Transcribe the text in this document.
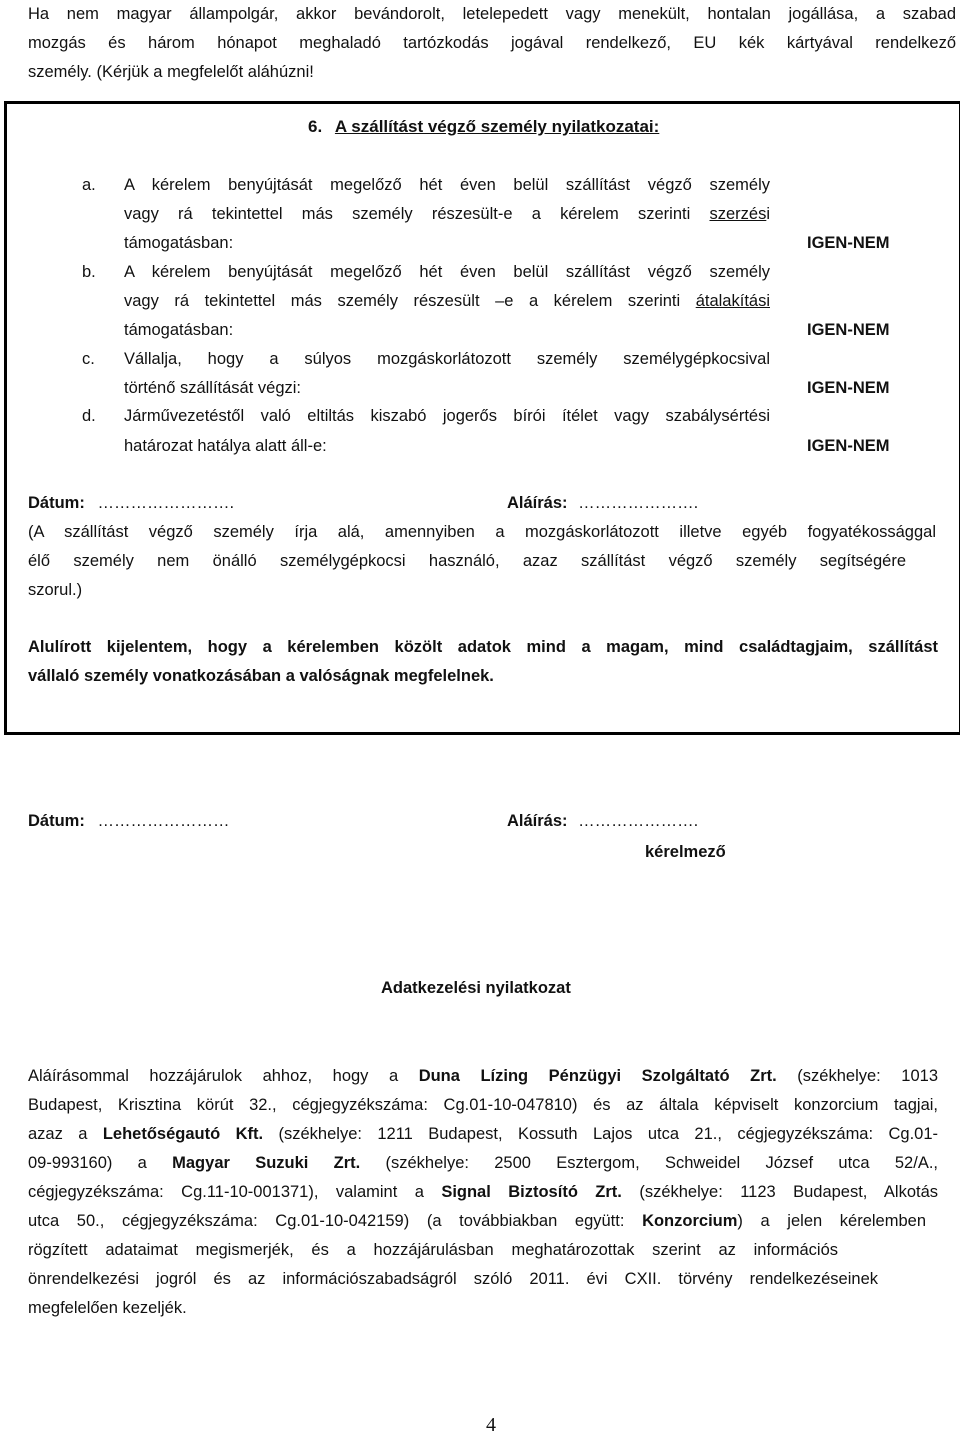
Ha nem magyar állampolgár, akkor bevándorolt, letelepedett vagy menekült, hontalan jogállása, a szabad
mozgás és három hónapot meghaladó tartózkodás jogával rendelkező, EU kék kártyával rendelkező
személy. (Kérjük a megfelelőt aláhúzni!
6. A szállítást végző személy nyilatkozatai:
a. A kérelem benyújtását megelőző hét éven belül szállítást végző személy
vagy rá tekintettel más személy részesült-e a kérelem szerinti szerzési
támogatásban:	IGEN-NEM
b. A kérelem benyújtását megelőző hét éven belül szállítást végző személy
vagy rá tekintettel más személy részesült –e a kérelem szerinti átalakítási
támogatásban:	IGEN-NEM
c. Vállalja, hogy a súlyos mozgáskorlátozott személy személygépkocsival
történő szállítását végzi:	IGEN-NEM
d. Járművezetéstől való eltiltás kiszabó jogerős bírói ítélet vagy szabálysértési
határozat hatálya alatt áll-e:	IGEN-NEM
Dátum: …………………….	Aláírás: ………………….
(A szállítást végző személy írja alá, amennyiben a mozgáskorlátozott illetve egyéb fogyatékossággal
élő személy nem önálló személygépkocsi használó, azaz szállítást végző személy segítségére
szorul.)
Alulírott kijelentem, hogy a kérelemben közölt adatok mind a magam, mind családtagjaim, szállítást
vállaló személy vonatkozásában a valóságnak megfelelnek.
Dátum: ……………………	Aláírás: ………………….
kérelmező
Adatkezelési nyilatkozat
Aláírásommal hozzájárulok ahhoz, hogy a Duna Lízing Pénzügyi Szolgáltató Zrt. (székhelye: 1013
Budapest, Krisztina körút 32., cégjegyzékszáma: Cg.01-10-047810) és az általa képviselt konzorcium tagjai,
azaz a Lehetőségautó Kft. (székhelye: 1211 Budapest, Kossuth Lajos utca 21., cégjegyzékszáma: Cg.01-
09-993160) a Magyar Suzuki Zrt. (székhelye: 2500 Esztergom, Schweidel József utca 52/A.,
cégjegyzékszáma: Cg.11-10-001371), valamint a Signal Biztosító Zrt. (székhelye: 1123 Budapest, Alkotás
utca 50., cégjegyzékszáma: Cg.01-10-042159) (a továbbiakban együtt: Konzorcium) a jelen kérelemben
rögzített adataimat megismerjék, és a hozzájárulásban meghatározottak szerint az információs
önrendelkezési jogról és az információszabadságról szóló 2011. évi CXII. törvény rendelkezéseinek
megfelelően kezeljék.
4
